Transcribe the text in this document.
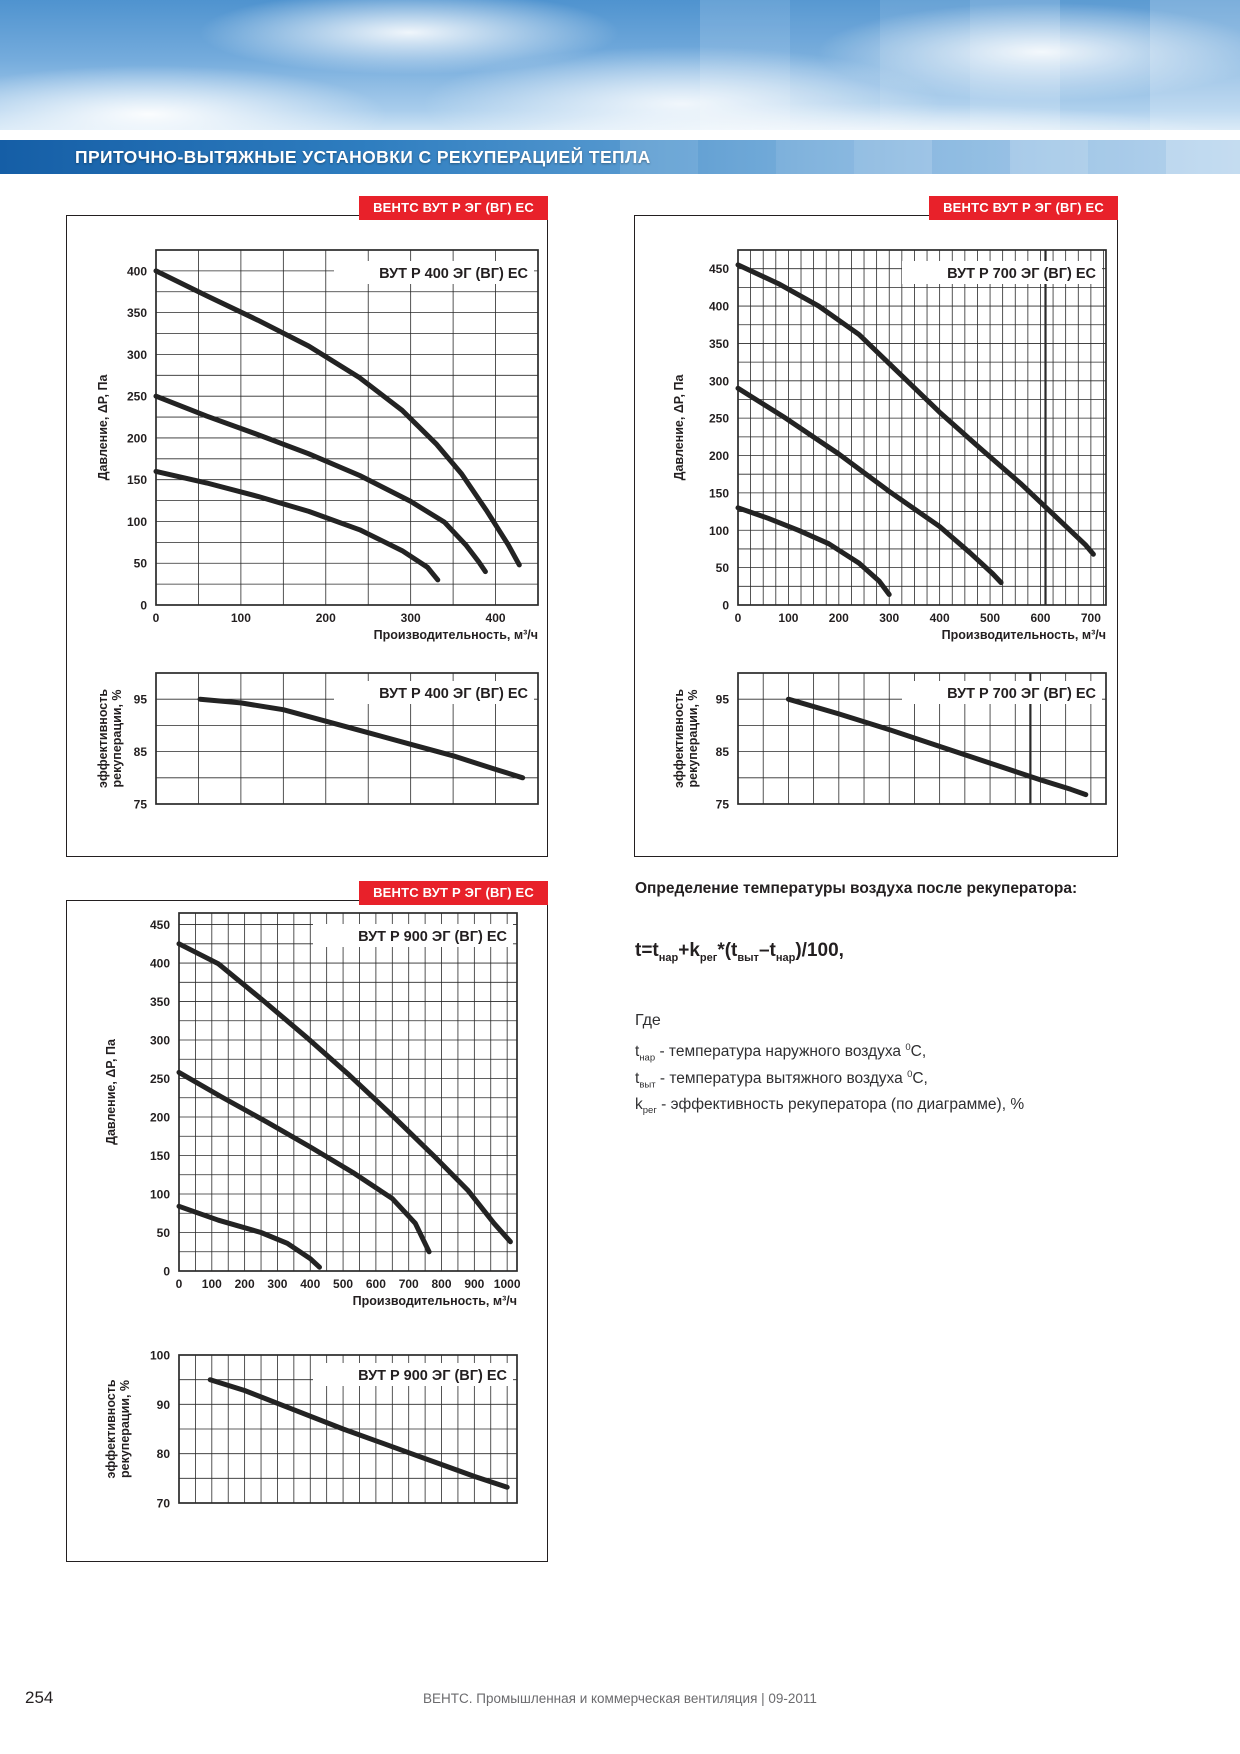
ПРИТОЧНО-ВЫТЯЖНЫЕ УСТАНОВКИ С РЕКУПЕРАЦИЕЙ ТЕПЛА
ВЕНТС ВУТ Р ЭГ (ВГ) ЕС
ВУТ Р 400 ЭГ (ВГ) ЕС
0
50
100
150
200
250
300
350
400
0	100	200	300	400
Производительность, м³/ч
Давление, ΔP, Па
ВУТ Р 400 ЭГ (ВГ) ЕС
75
85
95
эффективность рекуперации, %
ВЕНТС ВУТ Р ЭГ (ВГ) ЕС
ВУТ Р 700 ЭГ (ВГ) ЕС
0
50
100
150
200
250
300
350
400
450
0	100	200	300	400	500	600	700
Производительность, м³/ч
Давление, ΔP, Па
ВУТ Р 700 ЭГ (ВГ) ЕС
75
85
95
эффективность рекуперации, %
ВЕНТС ВУТ Р ЭГ (ВГ) ЕС
ВУТ Р 900 ЭГ (ВГ) ЕС
0
50
100
150
200
250
300
350
400
450
0 100 200 300 400 500 600 700 800 900 1000
Производительность, м³/ч
Давление, ΔP, Па
ВУТ Р 900 ЭГ (ВГ) ЕС
70
80
90
100
эффективность рекуперации, %
Определение температуры воздуха после рекуператора:
$t=t_{нар}+k_{рег}*(t_{выт}-t_{нар})/100$,
Где
$t_{нар}$ - температура наружного воздуха $^0$С,
$t_{выт}$ - температура вытяжного воздуха $^0$С,
$k_{рег}$ - эффективность рекуператора (по диаграмме), %
254	ВЕНТС. Промышленная и коммерческая вентиляция | 09-2011
